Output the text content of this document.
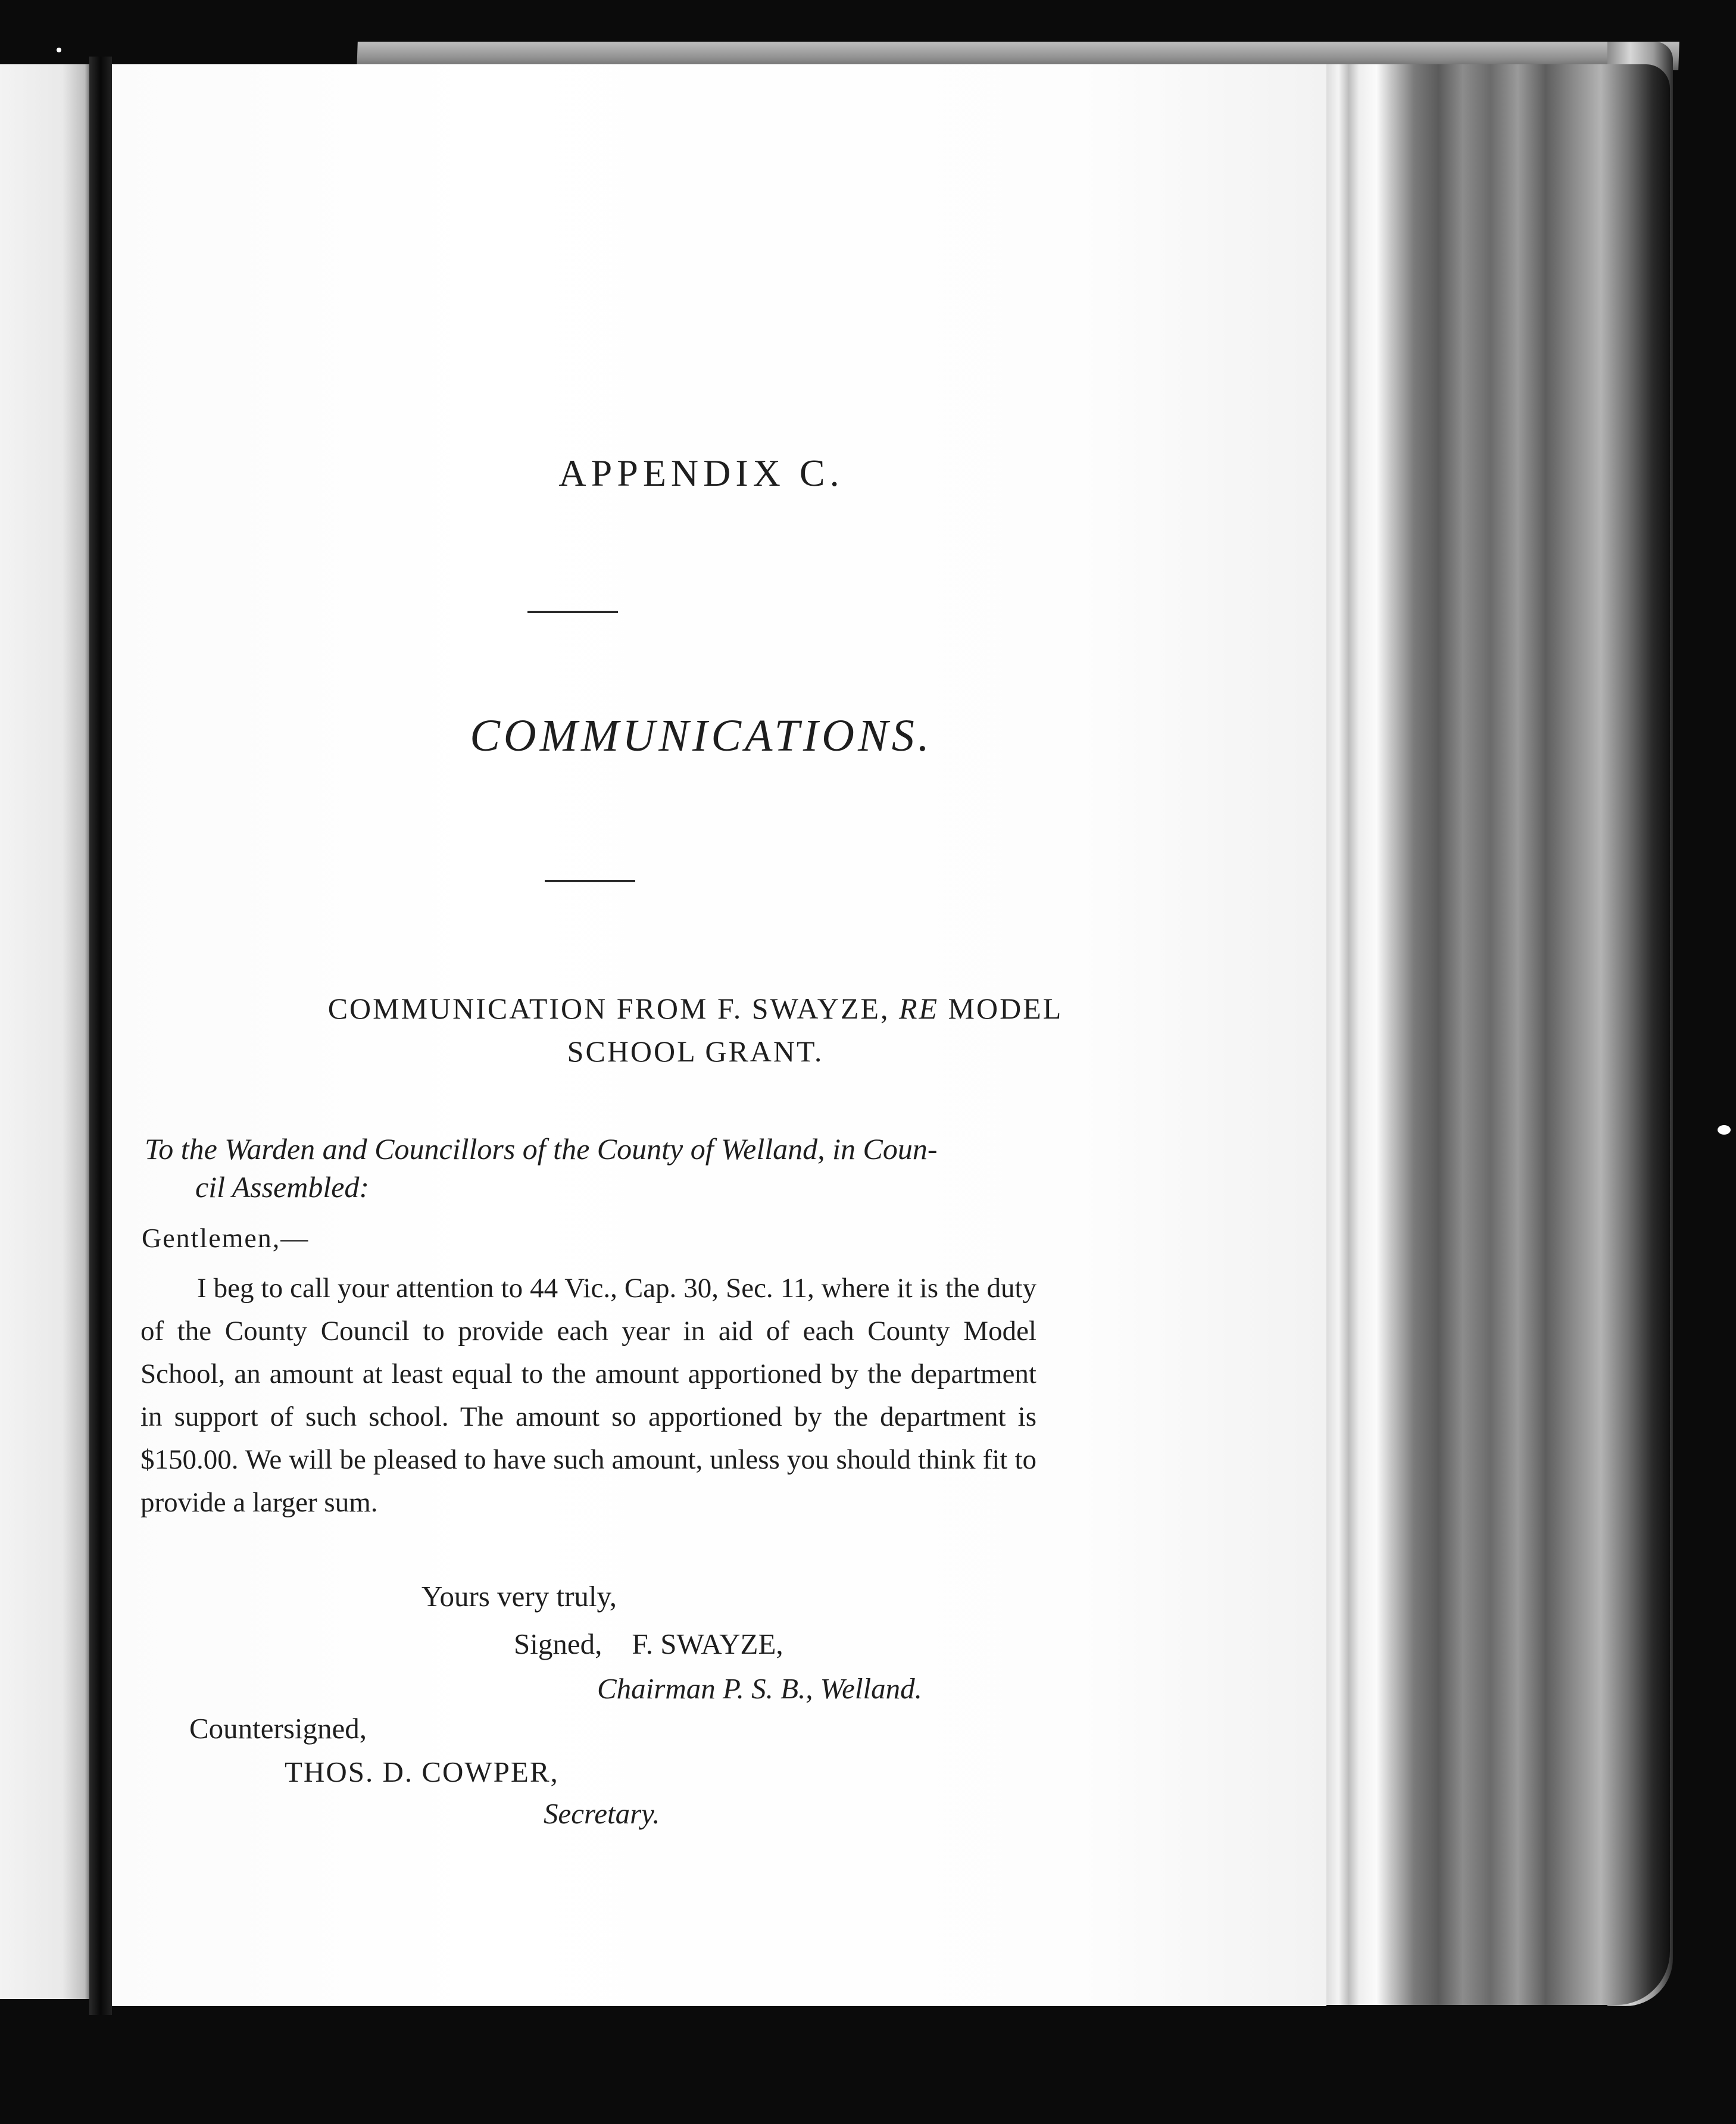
APPENDIX C.
COMMUNICATIONS.
COMMUNICATION FROM F. SWAYZE, RE MODEL
SCHOOL GRANT.
To the Warden and Councillors of the County of Welland, in Coun-
cil Assembled:
Gentlemen,—

I beg to call your attention to 44 Vic., Cap. 30, Sec. 11, where it is the duty of the County Council to provide each year in aid of each County Model School, an amount at least equal to the amount apportioned by the department in support of such school. The amount so apportioned by the department is $150.00. We will be pleased to have such amount, unless you should think fit to provide a larger sum.

Yours very truly,
Signed, F. SWAYZE,
Chairman P. S. B., Welland.
Countersigned,
THOS. D. COWPER,
Secretary.
